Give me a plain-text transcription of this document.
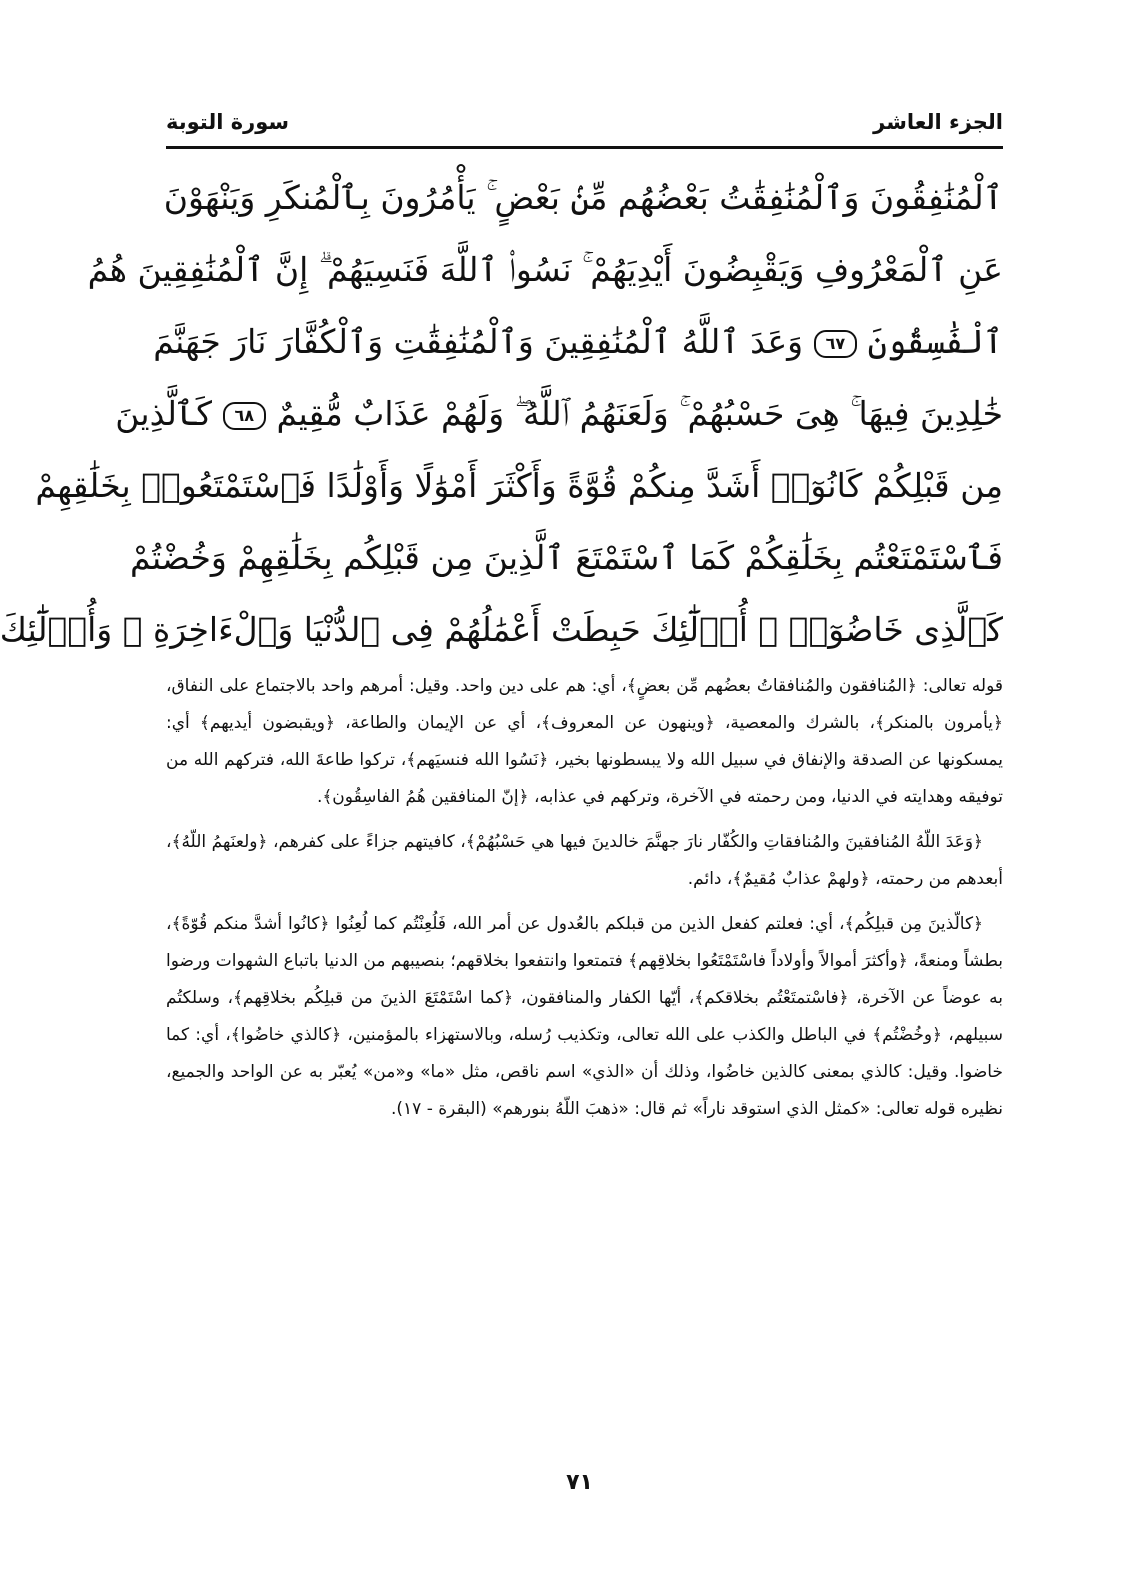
الجزء العاشر
سورة التوبة
ٱلْمُنَٰفِقُونَ وَٱلْمُنَٰفِقَٰتُ بَعْضُهُم مِّنۢ بَعْضٍ ۚ يَأْمُرُونَ بِٱلْمُنكَرِ وَيَنْهَوْنَ
عَنِ ٱلْمَعْرُوفِ وَيَقْبِضُونَ أَيْدِيَهُمْ ۚ نَسُوا۟ ٱللَّهَ فَنَسِيَهُمْ ۗ إِنَّ ٱلْمُنَٰفِقِينَ هُمُ
ٱلْفَٰسِقُونَ ٦٧ وَعَدَ ٱللَّهُ ٱلْمُنَٰفِقِينَ وَٱلْمُنَٰفِقَٰتِ وَٱلْكُفَّارَ نَارَ جَهَنَّمَ
خَٰلِدِينَ فِيهَا ۚ هِىَ حَسْبُهُمْ ۚ وَلَعَنَهُمُ ٱللَّهُ ۖ وَلَهُمْ عَذَابٌ مُّقِيمٌ ٦٨ كَٱلَّذِينَ
مِن قَبْلِكُمْ كَانُوٓا۟ أَشَدَّ مِنكُمْ قُوَّةً وَأَكْثَرَ أَمْوَٰلًا وَأَوْلَٰدًا فَٱسْتَمْتَعُوا۟ بِخَلَٰقِهِمْ
فَٱسْتَمْتَعْتُم بِخَلَٰقِكُمْ كَمَا ٱسْتَمْتَعَ ٱلَّذِينَ مِن قَبْلِكُم بِخَلَٰقِهِمْ وَخُضْتُمْ
كَٱلَّذِى خَاضُوٓا۟ ۚ أُو۟لَٰٓئِكَ حَبِطَتْ أَعْمَٰلُهُمْ فِى ٱلدُّنْيَا وَٱلْءَاخِرَةِ ۖ وَأُو۟لَٰٓئِكَ

قوله تعالى: ﴿المُنافقون والمُنافقاتُ بعضُهم مِّن بعضٍ﴾، أي: هم على دين واحد. وقيل: أمرهم واحد بالاجتماع على النفاق، ﴿يأمرون بالمنكر﴾، بالشرك والمعصية، ﴿وينهون عن المعروف﴾، أي عن الإيمان والطاعة، ﴿ويقبضون أيديهم﴾ أي: يمسكونها عن الصدقة والإنفاق في سبيل الله ولا يبسطونها بخير، ﴿نَسُوا الله فنسيَهم﴾، تركوا طاعةَ الله، فتركهم الله من توفيقه وهدايته في الدنيا، ومن رحمته في الآخرة، وتركهم في عذابه، ﴿إنّ المنافقين هُمُ الفاسِقُون﴾.

﴿وَعَدَ اللّهُ المُنافقينَ والمُنافقاتِ والكُفّار نارَ جهنَّمَ خالدينَ فيها هي حَسْبُهُمْ﴾، كافيتهم جزاءً على كفرهم، ﴿ولعنَهمُ اللّهُ﴾، أبعدهم من رحمته، ﴿ولهمْ عذابٌ مُقيمٌ﴾، دائم.

﴿كالّذينَ مِن قبلِكُم﴾، أي: فعلتم كفعل الذين من قبلكم بالعُدول عن أمر الله، فَلُعِنْتُم كما لُعِنُوا ﴿كانُوا أشدَّ منكم قُوّةً﴾، بطشاً ومنعةً، ﴿وأكثرَ أموالاً وأولاداً فاسْتَمْتَعُوا بخلاقِهم﴾ فتمتعوا وانتفعوا بخلاقهم؛ بنصيبهم من الدنيا باتباع الشهوات ورضوا به عوضاً عن الآخرة، ﴿فاسْتمتَعْتُم بخلاقكم﴾، أيّها الكفار والمنافقون، ﴿كما اسْتَمْتَعَ الذينَ من قبلِكُم بخلاقِهم﴾، وسلكتُم سبيلهم، ﴿وخُضْتُم﴾ في الباطل والكذب على الله تعالى، وتكذيب رُسله، وبالاستهزاء بالمؤمنين، ﴿كالذي خاضُوا﴾، أي: كما خاضوا. وقيل: كالذي بمعنى كالذين خاضُوا، وذلك أن «الذي» اسم ناقص، مثل «ما» و«من» يُعبّر به عن الواحد والجميع، نظيره قوله تعالى: «كمثل الذي استوقد ناراً» ثم قال: «ذهبَ اللّهُ بنورهم» (البقرة - ١٧).

٧١
